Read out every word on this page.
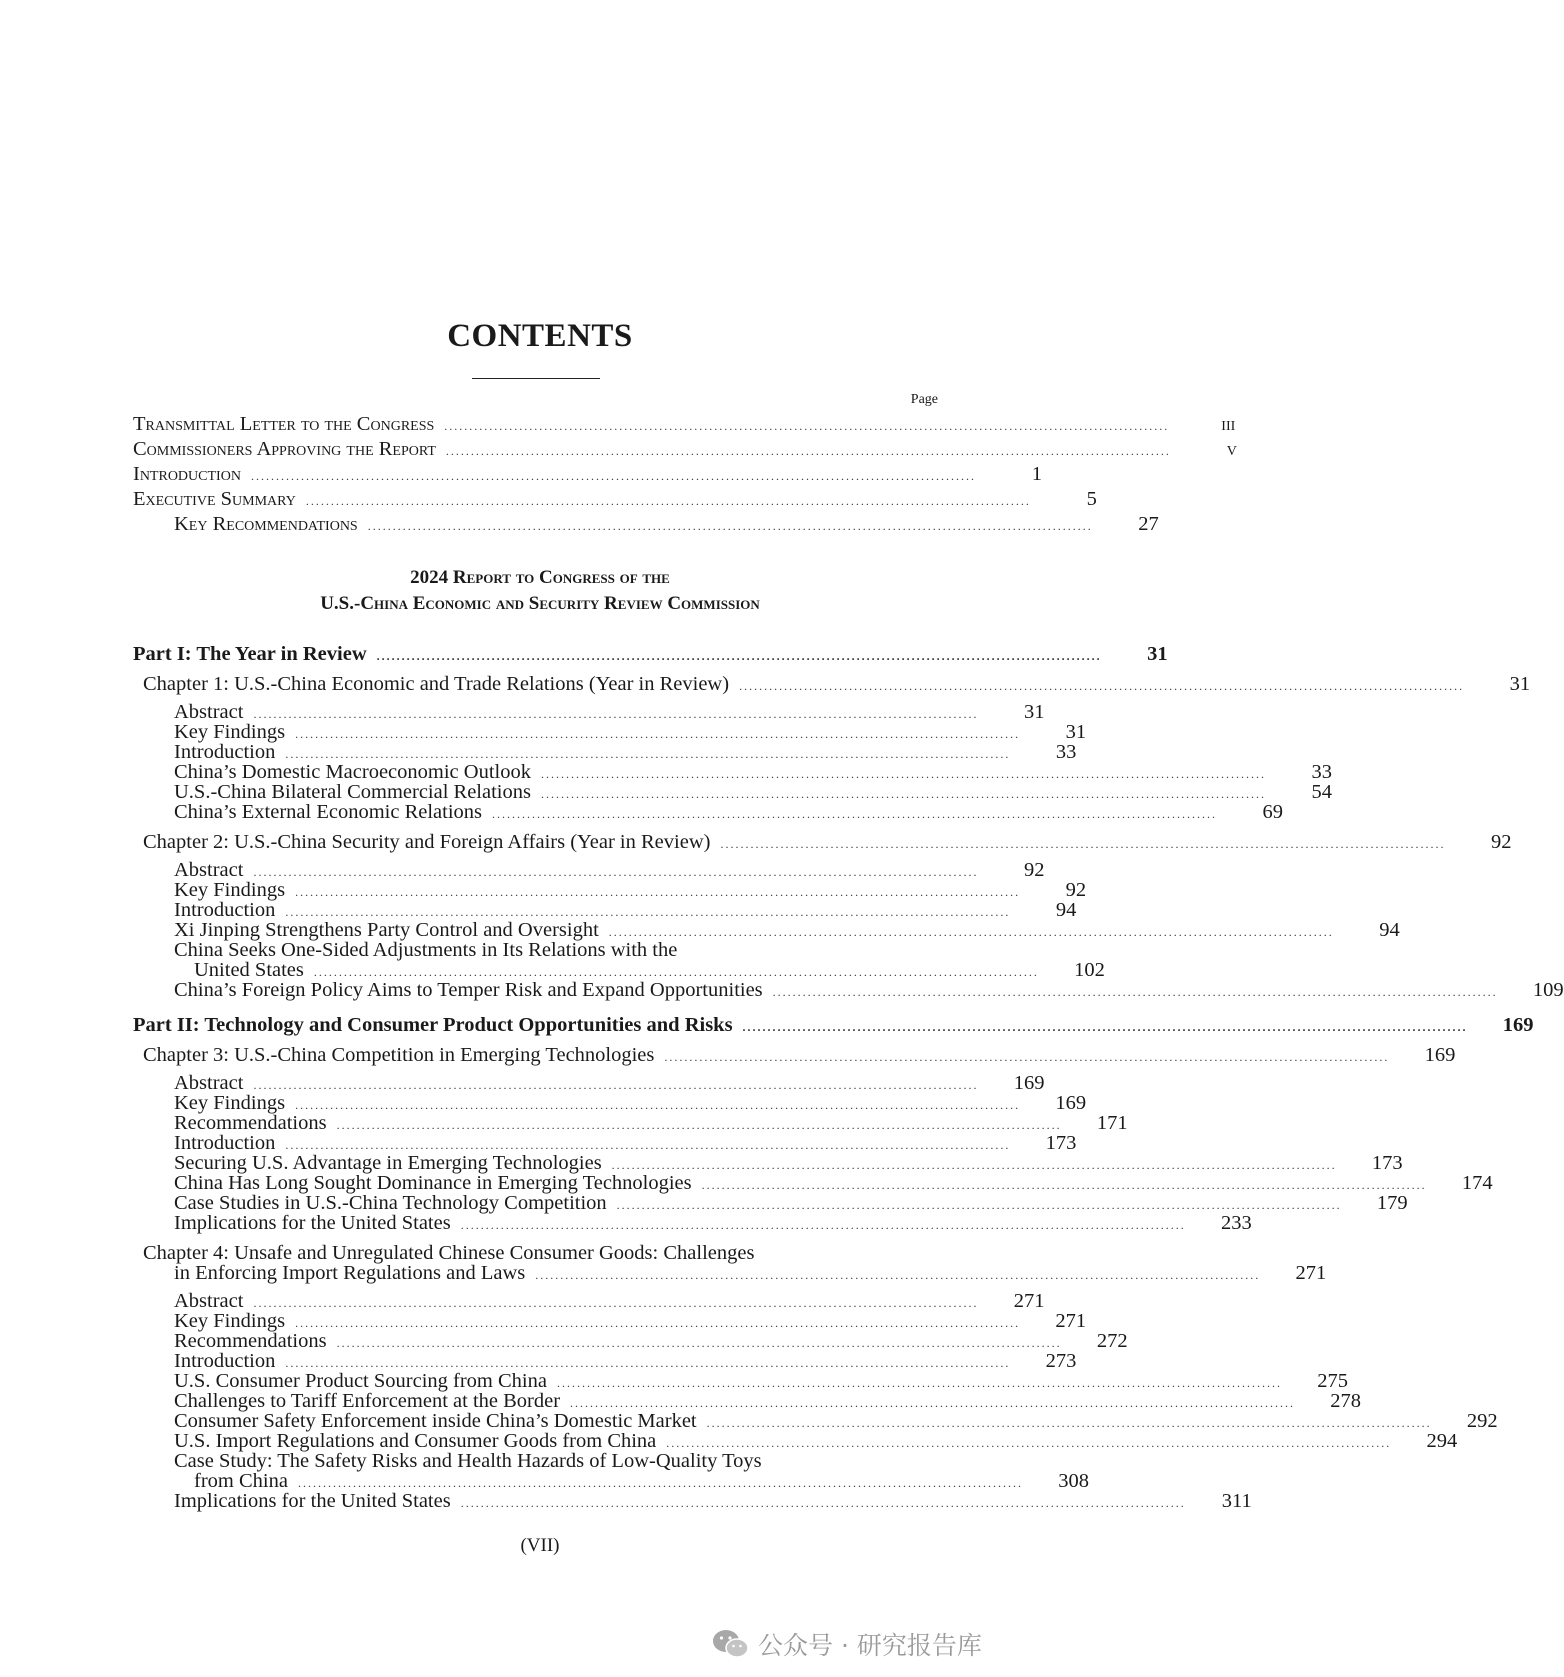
CONTENTS
Page
Transmittal Letter to the Congress .................................................................................................................................................	iii
Commissioners Approving the Report .................................................................................................................................................	v
Introduction .................................................................................................................................................	1
Executive Summary .................................................................................................................................................	5
Key Recommendations .................................................................................................................................................	27
2024 Report to Congress of the
U.S.-China Economic and Security Review Commission
Part I: The Year in Review .................................................................................................................................................	31
Chapter 1: U.S.-China Economic and Trade Relations (Year in Review) .................................................................................................................................................	31
Abstract .................................................................................................................................................	31
Key Findings .................................................................................................................................................	31
Introduction .................................................................................................................................................	33
China’s Domestic Macroeconomic Outlook .................................................................................................................................................	33
U.S.-China Bilateral Commercial Relations .................................................................................................................................................	54
China’s External Economic Relations .................................................................................................................................................	69
Chapter 2: U.S.-China Security and Foreign Affairs (Year in Review) .................................................................................................................................................	92
Abstract .................................................................................................................................................	92
Key Findings .................................................................................................................................................	92
Introduction .................................................................................................................................................	94
Xi Jinping Strengthens Party Control and Oversight .................................................................................................................................................	94
China Seeks One-Sided Adjustments in Its Relations with the
United States .................................................................................................................................................	102
China’s Foreign Policy Aims to Temper Risk and Expand Opportunities .................................................................................................................................................	109
Part II: Technology and Consumer Product Opportunities and Risks .................................................................................................................................................	169
Chapter 3: U.S.-China Competition in Emerging Technologies .................................................................................................................................................	169
Abstract .................................................................................................................................................	169
Key Findings .................................................................................................................................................	169
Recommendations .................................................................................................................................................	171
Introduction .................................................................................................................................................	173
Securing U.S. Advantage in Emerging Technologies .................................................................................................................................................	173
China Has Long Sought Dominance in Emerging Technologies .................................................................................................................................................	174
Case Studies in U.S.-China Technology Competition .................................................................................................................................................	179
Implications for the United States .................................................................................................................................................	233
Chapter 4: Unsafe and Unregulated Chinese Consumer Goods: Challenges
in Enforcing Import Regulations and Laws .................................................................................................................................................	271
Abstract .................................................................................................................................................	271
Key Findings .................................................................................................................................................	271
Recommendations .................................................................................................................................................	272
Introduction .................................................................................................................................................	273
U.S. Consumer Product Sourcing from China .................................................................................................................................................	275
Challenges to Tariff Enforcement at the Border .................................................................................................................................................	278
Consumer Safety Enforcement inside China’s Domestic Market .................................................................................................................................................	292
U.S. Import Regulations and Consumer Goods from China .................................................................................................................................................	294
Case Study: The Safety Risks and Health Hazards of Low-Quality Toys
from China .................................................................................................................................................	308
Implications for the United States .................................................................................................................................................	311
(VII)
公众号 · 研究报告库
